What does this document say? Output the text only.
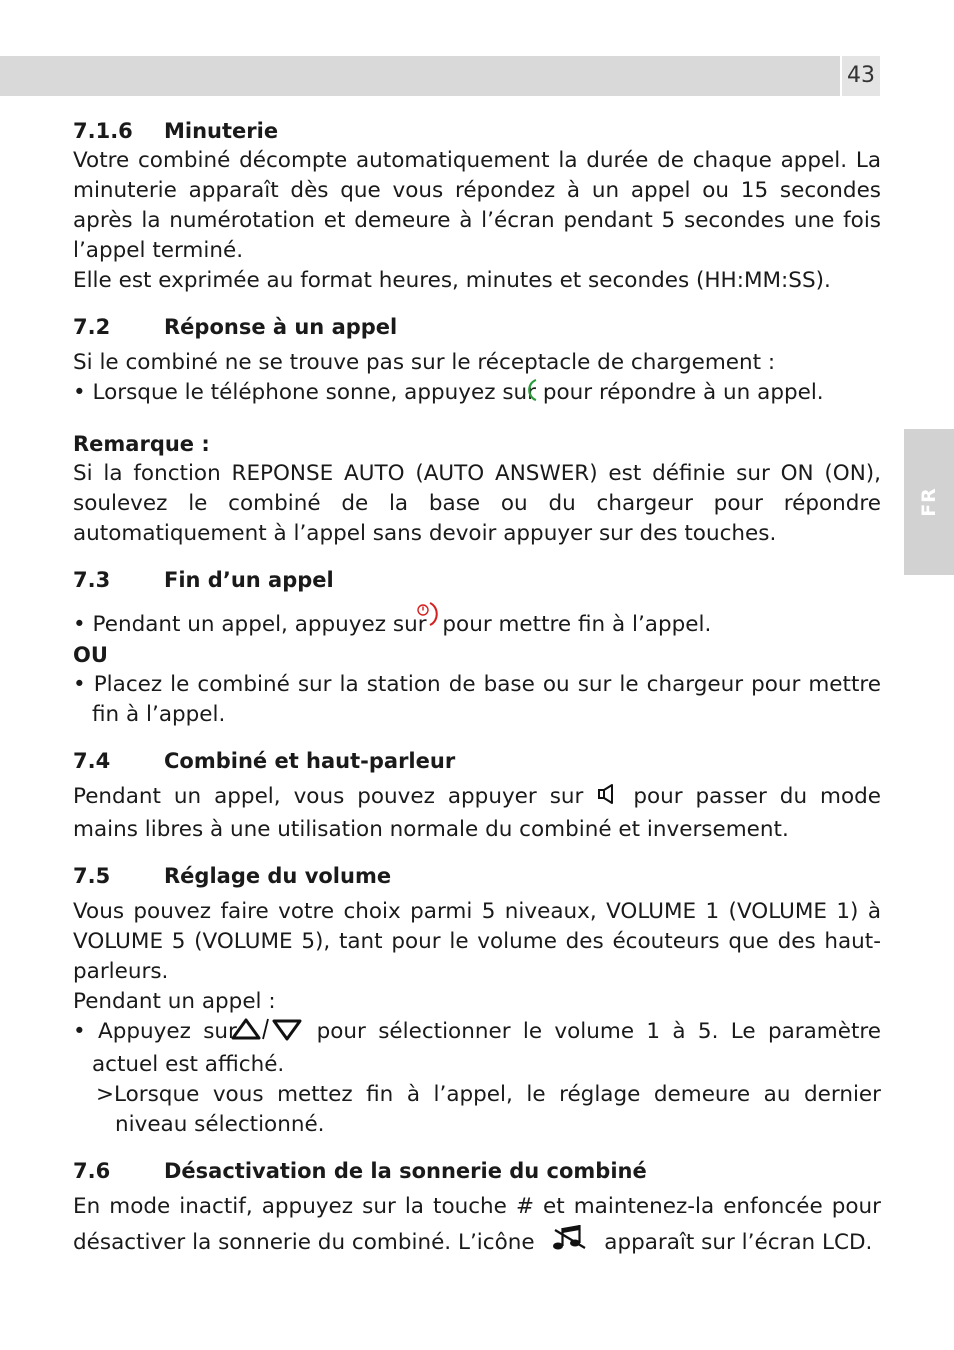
43
FR
7.1.6 Minuterie
Votre combiné décompte automatiquement la durée de chaque appel. La minuterie apparaît dès que vous répondez à un appel ou 15 secondes après la numérotation et demeure à l’écran pendant 5 secondes une fois l’appel terminé.
Elle est exprimée au format heures, minutes et secondes (HH:MM:SS).
7.2	Réponse à un appel
Si le combiné ne se trouve pas sur le réceptacle de chargement :
• Lorsque le téléphone sonne, appuyez sur pour répondre à un appel.
Remarque :
Si la fonction REPONSE AUTO (AUTO ANSWER) est définie sur ON (ON), soulevez le combiné de la base ou du chargeur pour répondre automatiquement à l’appel sans devoir appuyer sur des touches.
7.3	Fin d’un appel
• Pendant un appel, appuyez sur pour mettre fin à l’appel.
OU
• Placez le combiné sur la station de base ou sur le chargeur pour mettre fin à l’appel.
7.4	Combiné et haut-parleur
Pendant un appel, vous pouvez appuyer sur pour passer du mode mains libres à une utilisation normale du combiné et inversement.
7.5	Réglage du volume
Vous pouvez faire votre choix parmi 5 niveaux, VOLUME 1 (VOLUME 1) à VOLUME 5 (VOLUME 5), tant pour le volume des écouteurs que des haut-parleurs.
Pendant un appel :
• Appuyez sur	pour sélectionner le volume 1 à 5. Le paramètre actuel est affiché.
>Lorsque vous mettez fin à l’appel, le réglage demeure au dernier niveau sélectionné.
7.6	Désactivation de la sonnerie du combiné
En mode inactif, appuyez sur la touche # et maintenez-la enfoncée pour désactiver la sonnerie du combiné. L’icône	apparaît sur l’écran LCD.
